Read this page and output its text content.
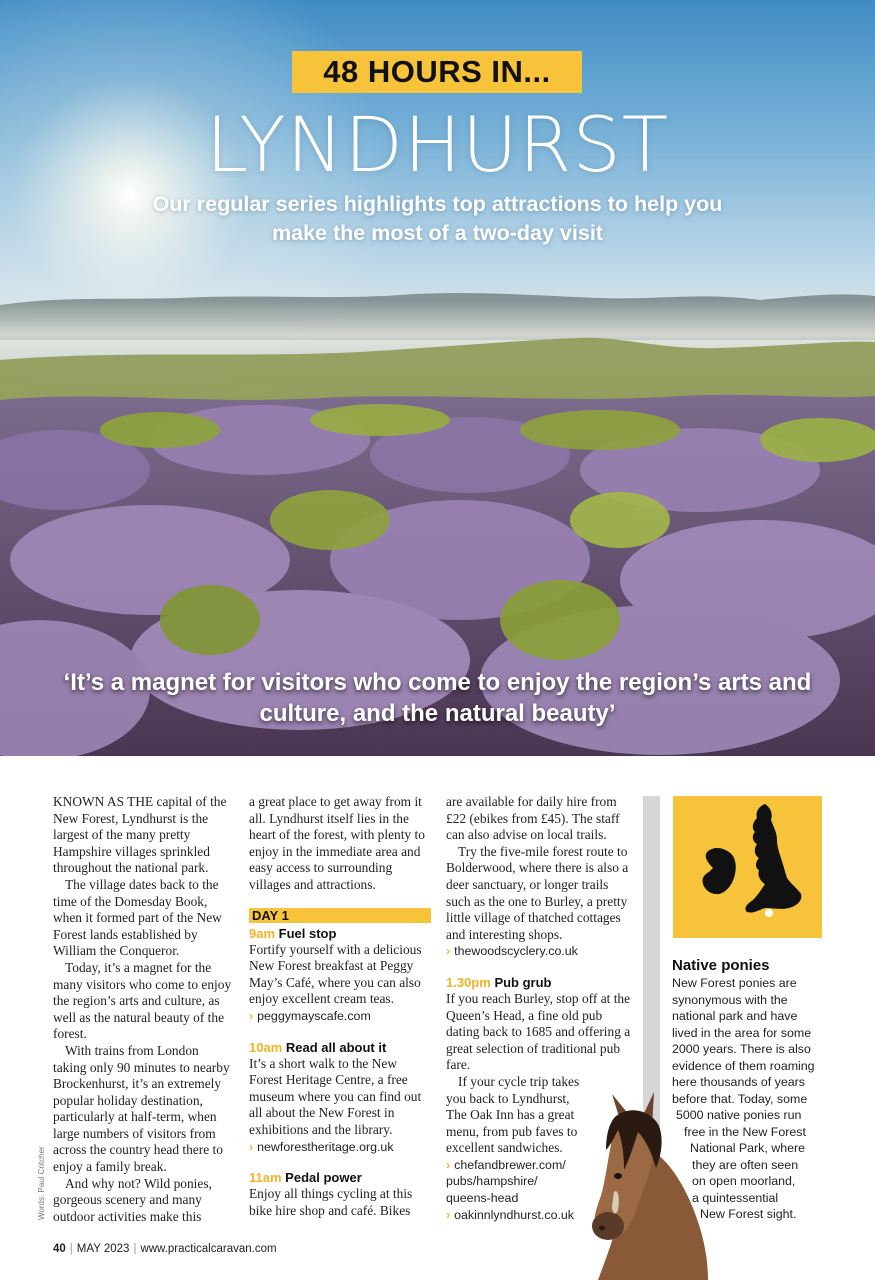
48 HOURS IN...
LYNDHURST
Our regular series highlights top attractions to help you make the most of a two-day visit
‘It’s a magnet for visitors who come to enjoy the region’s arts and culture, and the natural beauty’

KNOWN AS THE capital of the New Forest, Lyndhurst is the largest of the many pretty Hampshire villages sprinkled throughout the national park.

The village dates back to the time of the Domesday Book, when it formed part of the New Forest lands established by William the Conqueror.

Today, it’s a magnet for the many visitors who come to enjoy the region’s arts and culture, as well as the natural beauty of the forest.

With trains from London taking only 90 minutes to nearby Brockenhurst, it’s an extremely popular holiday destination, particularly at half-term, when large numbers of visitors from across the country head there to enjoy a family break.

And why not? Wild ponies, gorgeous scenery and many outdoor activities make this

Words: Paul Critcher

a great place to get away from it all. Lyndhurst itself lies in the heart of the forest, with plenty to enjoy in the immediate area and easy access to surrounding villages and attractions.

DAY 1
9am Fuel stop

Fortify yourself with a delicious New Forest breakfast at Peggy May’s Café, where you can also enjoy excellent cream teas.

› peggymayscafe.com
10am Read all about it

It’s a short walk to the New Forest Heritage Centre, a free museum where you can find out all about the New Forest in exhibitions and the library.

› newforestheritage.org.uk
11am Pedal power

Enjoy all things cycling at this bike hire shop and café. Bikes

are available for daily hire from £22 (ebikes from £45). The staff can also advise on local trails.

Try the five-mile forest route to Bolderwood, where there is also a deer sanctuary, or longer trails such as the one to Burley, a pretty little village of thatched cottages and interesting shops.

› thewoodscyclery.co.uk
1.30pm Pub grub

If you reach Burley, stop off at the Queen’s Head, a fine old pub dating back to 1685 and offering a great selection of traditional pub fare.

If your cycle trip takes you back to Lyndhurst, The Oak Inn has a great menu, from pub faves to excellent sandwiches.

› chefandbrewer.com/
pubs/hampshire/
queens-head
› oakinnlyndhurst.co.uk
Native ponies
New Forest ponies are
synonymous with the
national park and have
lived in the area for some
2000 years. There is also
evidence of them roaming
here thousands of years
before that. Today, some
5000 native ponies run
free in the New Forest
National Park, where
they are often seen
on open moorland,
a quintessential
New Forest sight.
40 | MAY 2023 | www.practicalcaravan.com
